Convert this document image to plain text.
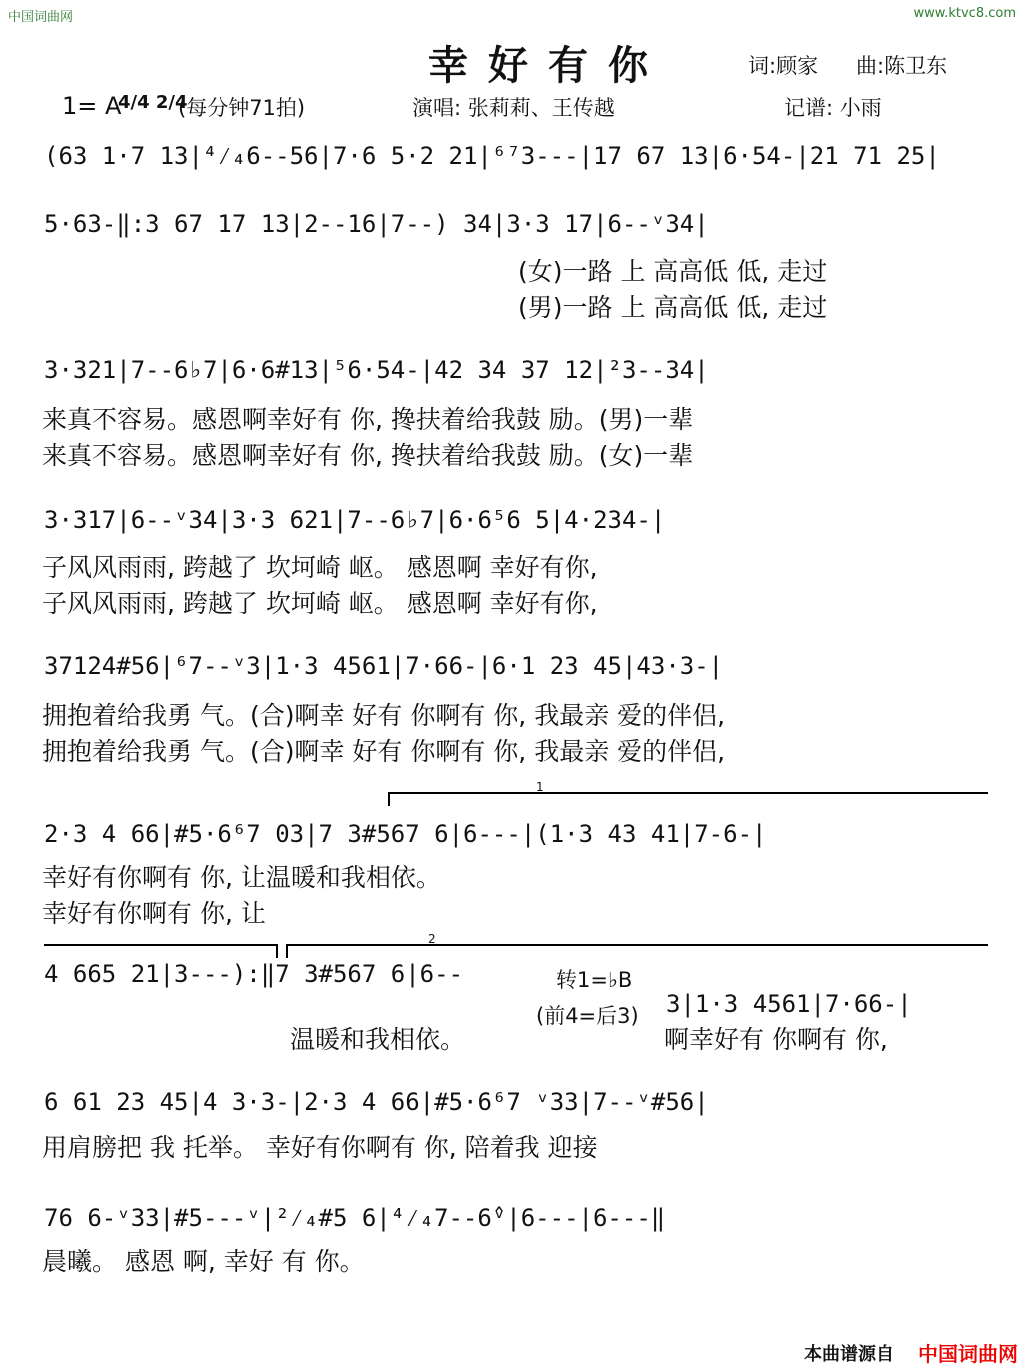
中国词曲网	www.ktvc8.com
幸好有你	词:顾家 曲:陈卫东
1= A
4/4 2/4
(每分钟71拍)	演唱: 张莉莉、王传越	记谱: 小雨
(63 1·7 13|⁴⁄₄6--56|7·6 5·2 21|⁶⁷3---|17 67 13|6·54-|21 71 25|
5·63-‖:3 67 17 13|2--16|7--) 34|3·3 17|6--ᵛ34|
(女)一路 上 高高低 低, 走过
(男)一路 上 高高低 低, 走过
3·321|7--6♭7|6·6#13|⁵6·54-|42 34 37 12|²3--34|
来真不容易。感恩啊幸好有 你, 搀扶着给我鼓 励。(男)一辈
来真不容易。感恩啊幸好有 你, 搀扶着给我鼓 励。(女)一辈
3·317|6--ᵛ34|3·3 621|7--6♭7|6·6⁵6 5|4·234-|
子风风雨雨, 跨越了 坎坷崎 岖。 感恩啊 幸好有你,
子风风雨雨, 跨越了 坎坷崎 岖。 感恩啊 幸好有你,
37124#56|⁶7--ᵛ3|1·3 4561|7·66-|6·1 23 45|43·3-|
拥抱着给我勇 气。(合)啊幸 好有 你啊有 你, 我最亲 爱的伴侣,
拥抱着给我勇 气。(合)啊幸 好有 你啊有 你, 我最亲 爱的伴侣,
1
2·3 4 66|#5·6⁶7 03|7 3#567 6|6---|(1·3 43 41|7-6-|
幸好有你啊有 你, 让温暖和我相依。
幸好有你啊有 你, 让
2
4 665 21|3---):‖7 3#567 6|6--	转1=♭B
(前4=后3) 3|1·3 4561|7·66-|
温暖和我相依。	啊幸好有 你啊有 你,
6 61 23 45|4 3·3-|2·3 4 66|#5·6⁶7 ᵛ33|7--ᵛ#56|
用肩膀把 我 托举。 幸好有你啊有 你, 陪着我 迎接
76 6-ᵛ33|#5---ᵛ|²⁄₄#5 6|⁴⁄₄7--6̂ᵛ|6---|6---‖
晨曦。 感恩 啊, 幸好 有 你。
本曲谱源自 中国词曲网
